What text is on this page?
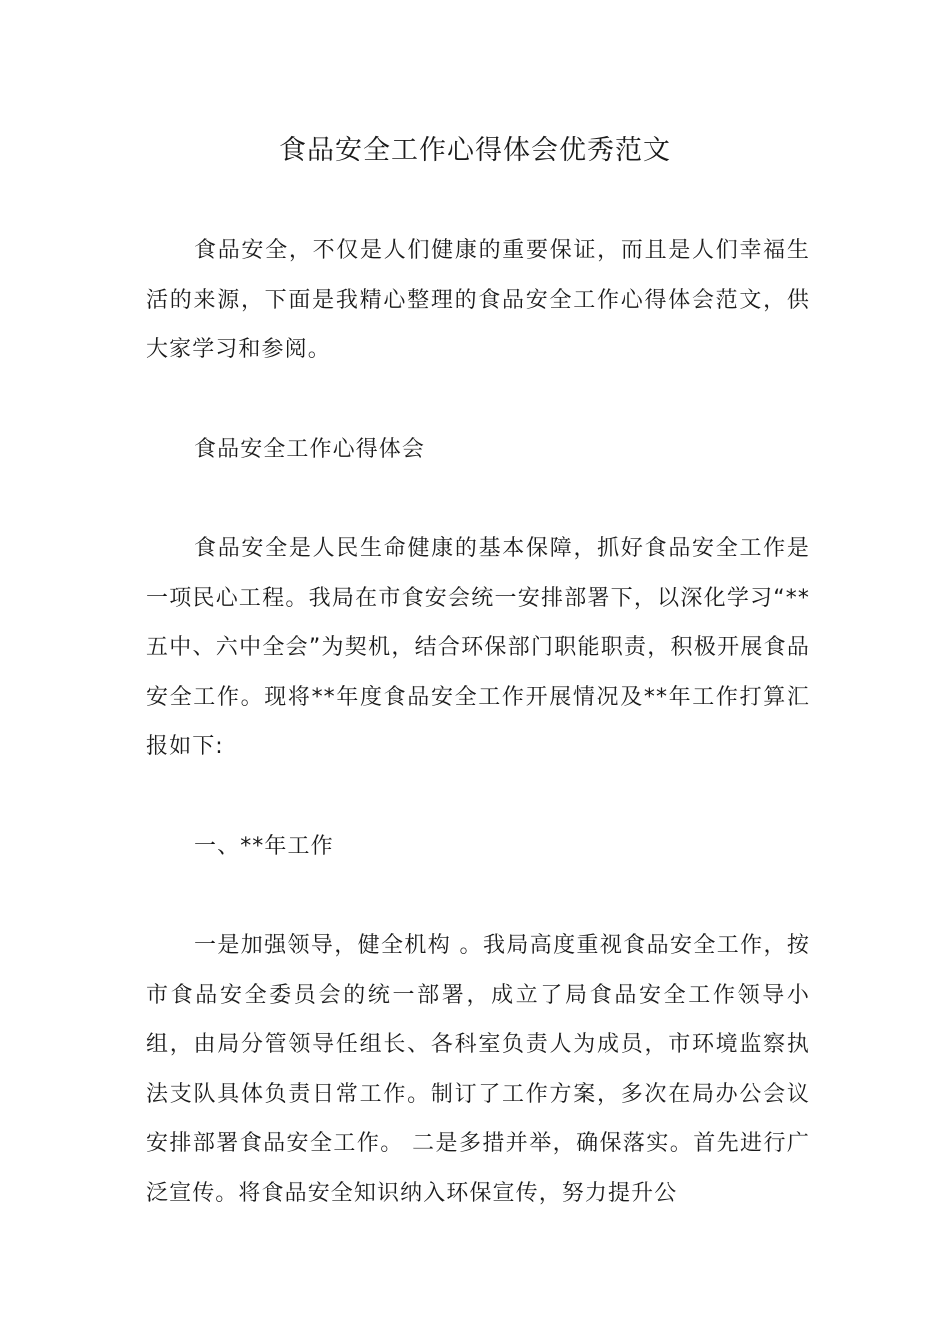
食品安全工作心得体会优秀范文

食品安全，不仅是人们健康的重要保证，而且是人们幸福生活的来源，下面是我精心整理的食品安全工作心得体会范文，供大家学习和参阅。

食品安全工作心得体会

食品安全是人民生命健康的基本保障，抓好食品安全工作是一项民心工程。我局在市食安会统一安排部署下，以深化学习“**五中、六中全会”为契机，结合环保部门职能职责，积极开展食品安全工作。现将**年度食品安全工作开展情况及**年工作打算汇报如下:

一、**年工作

一是加强领导，健全机构 。我局高度重视食品安全工作，按市食品安全委员会的统一部署，成立了局食品安全工作领导小组，由局分管领导任组长、各科室负责人为成员，市环境监察执法支队具体负责日常工作。制订了工作方案，多次在局办公会议安排部署食品安全工作。 二是多措并举，确保落实。首先进行广泛宣传。将食品安全知识纳入环保宣传，努力提升公
